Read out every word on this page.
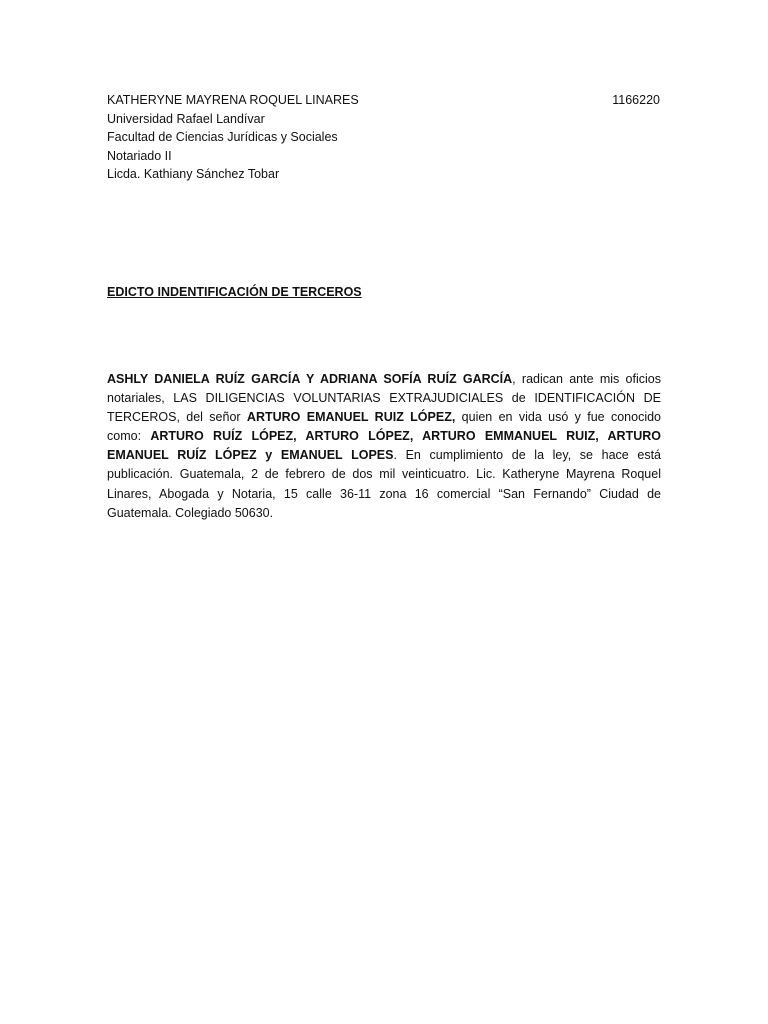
KATHERYNE MAYRENA ROQUEL LINARES	1166220
Universidad Rafael Landívar
Facultad de Ciencias Jurídicas y Sociales
Notariado II
Licda. Kathiany Sánchez Tobar
EDICTO INDENTIFICACIÓN DE TERCEROS
ASHLY DANIELA RUÍZ GARCÍA Y ADRIANA SOFÍA RUÍZ GARCÍA, radican ante mis oficios notariales, LAS DILIGENCIAS VOLUNTARIAS EXTRAJUDICIALES de IDENTIFICACIÓN DE TERCEROS, del señor ARTURO EMANUEL RUIZ LÓPEZ, quien en vida usó y fue conocido como: ARTURO RUÍZ LÓPEZ, ARTURO LÓPEZ, ARTURO EMMANUEL RUIZ, ARTURO EMANUEL RUÍZ LÓPEZ y EMANUEL LOPES. En cumplimiento de la ley, se hace está publicación. Guatemala, 2 de febrero de dos mil veinticuatro. Lic. Katheryne Mayrena Roquel Linares, Abogada y Notaria, 15 calle 36-11 zona 16 comercial “San Fernando” Ciudad de Guatemala. Colegiado 50630.
